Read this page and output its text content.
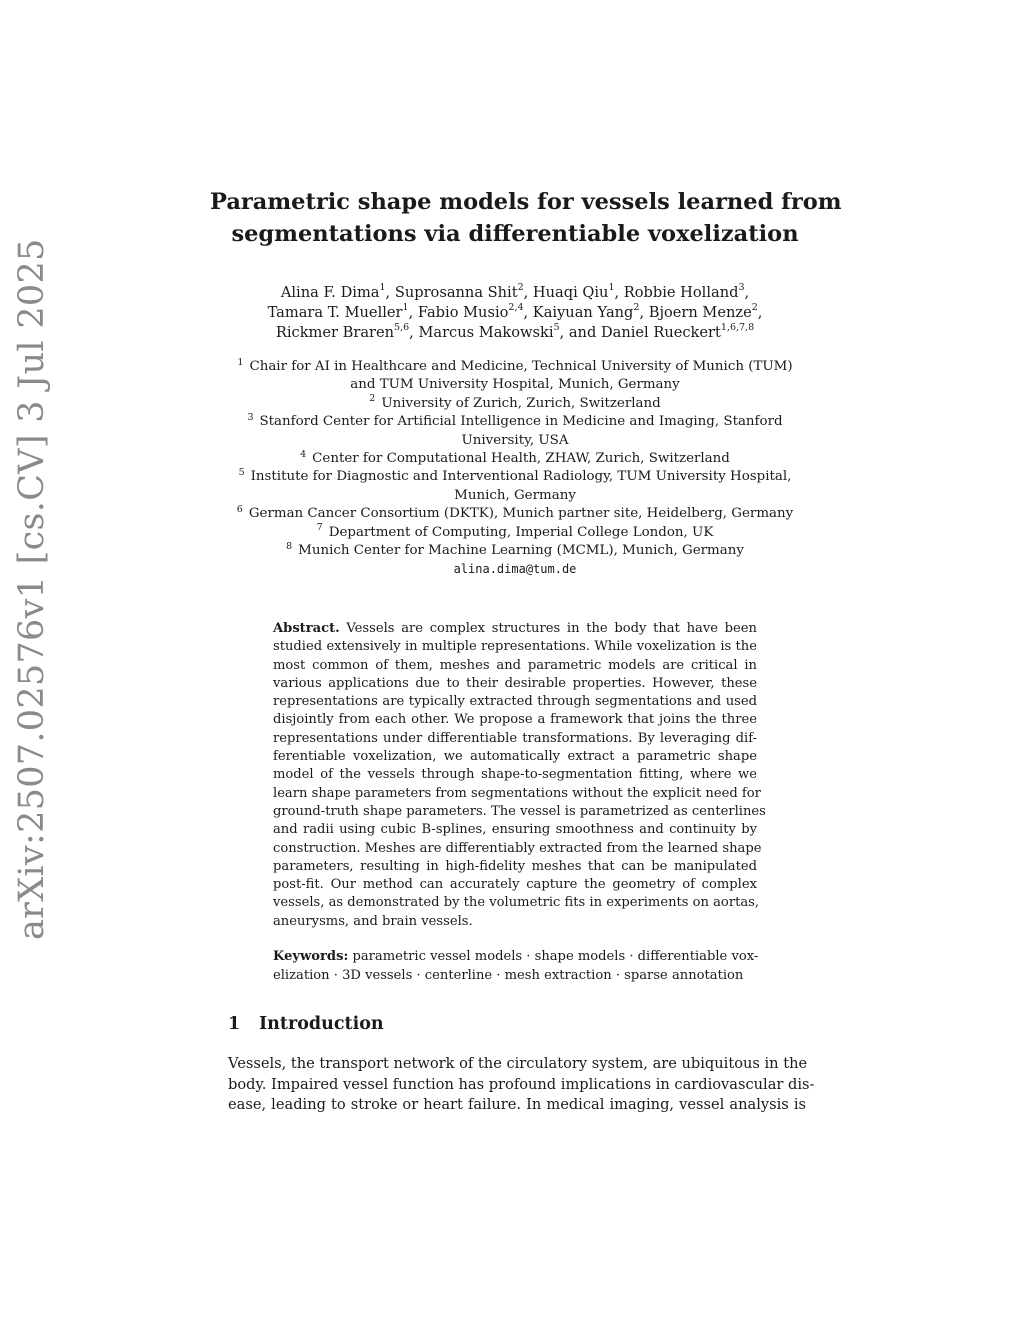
arXiv:2507.02576v1 [cs.CV] 3 Jul 2025
Parametric shape models for vessels learned from
segmentations via differentiable voxelization
Alina F. Dima$^1$, Suprosanna Shit$^2$, Huaqi Qiu$^1$, Robbie Holland$^3$,
Tamara T. Mueller$^1$, Fabio Musio$^{2,4}$, Kaiyuan Yang$^2$, Bjoern Menze$^2$,
Rickmer Braren$^{5,6}$, Marcus Makowski$^5$, and Daniel Rueckert$^{1,6,7,8}$
$^1$ Chair for AI in Healthcare and Medicine, Technical University of Munich (TUM)
and TUM University Hospital, Munich, Germany
$^2$ University of Zurich, Zurich, Switzerland
$^3$ Stanford Center for Artificial Intelligence in Medicine and Imaging, Stanford
University, USA
$^4$ Center for Computational Health, ZHAW, Zurich, Switzerland
$^5$ Institute for Diagnostic and Interventional Radiology, TUM University Hospital,
Munich, Germany
$^6$ German Cancer Consortium (DKTK), Munich partner site, Heidelberg, Germany
$^7$ Department of Computing, Imperial College London, UK
$^8$ Munich Center for Machine Learning (MCML), Munich, Germany
alina.dima@tum.de
Abstract. Vessels are complex structures in the body that have been
studied extensively in multiple representations. While voxelization is the
most common of them, meshes and parametric models are critical in
various applications due to their desirable properties. However, these
representations are typically extracted through segmentations and used
disjointly from each other. We propose a framework that joins the three
representations under differentiable transformations. By leveraging dif-
ferentiable voxelization, we automatically extract a parametric shape
model of the vessels through shape-to-segmentation fitting, where we
learn shape parameters from segmentations without the explicit need for
ground-truth shape parameters. The vessel is parametrized as centerlines
and radii using cubic B-splines, ensuring smoothness and continuity by
construction. Meshes are differentiably extracted from the learned shape
parameters, resulting in high-fidelity meshes that can be manipulated
post-fit. Our method can accurately capture the geometry of complex
vessels, as demonstrated by the volumetric fits in experiments on aortas,
aneurysms, and brain vessels.
Keywords: parametric vessel models · shape models · differentiable vox-
elization · 3D vessels · centerline · mesh extraction · sparse annotation
1 Introduction
Vessels, the transport network of the circulatory system, are ubiquitous in the
body. Impaired vessel function has profound implications in cardiovascular dis-
ease, leading to stroke or heart failure. In medical imaging, vessel analysis is
